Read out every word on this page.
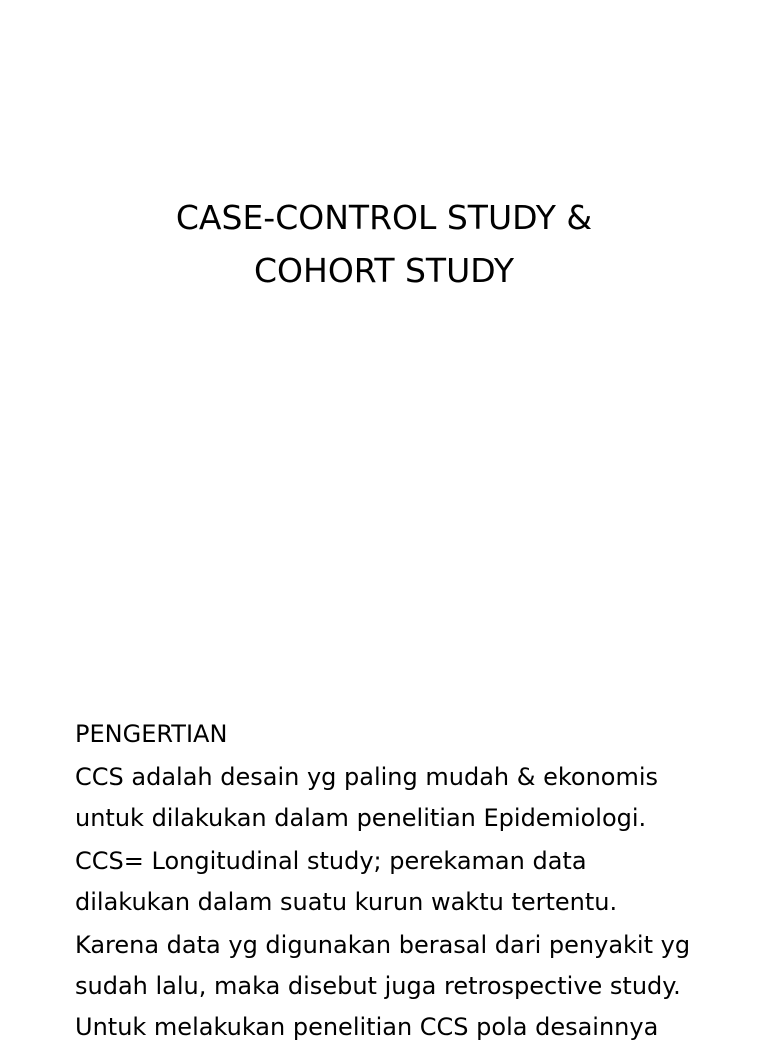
CASE-CONTROL STUDY &
COHORT STUDY
PENGERTIAN
CCS adalah desain yg paling mudah & ekonomis
untuk dilakukan dalam penelitian Epidemiologi.
CCS= Longitudinal study; perekaman data
dilakukan dalam suatu kurun waktu tertentu.
Karena data yg digunakan berasal dari penyakit yg
sudah lalu, maka disebut juga retrospective study.
Untuk melakukan penelitian CCS pola desainnya
